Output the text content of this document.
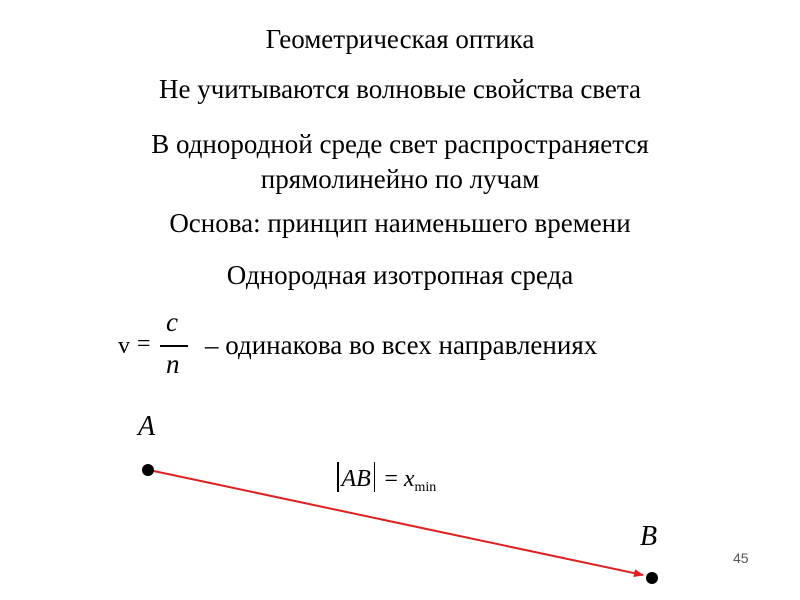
Геометрическая оптика
Не учитываются волновые свойства света
В однородной среде свет распространяется
прямолинейно по лучам
Основа: принцип наименьшего времени
Однородная изотропная среда
v =
c
n
– одинакова во всех направлениях
A
B
AB = $x_{min}$
45
